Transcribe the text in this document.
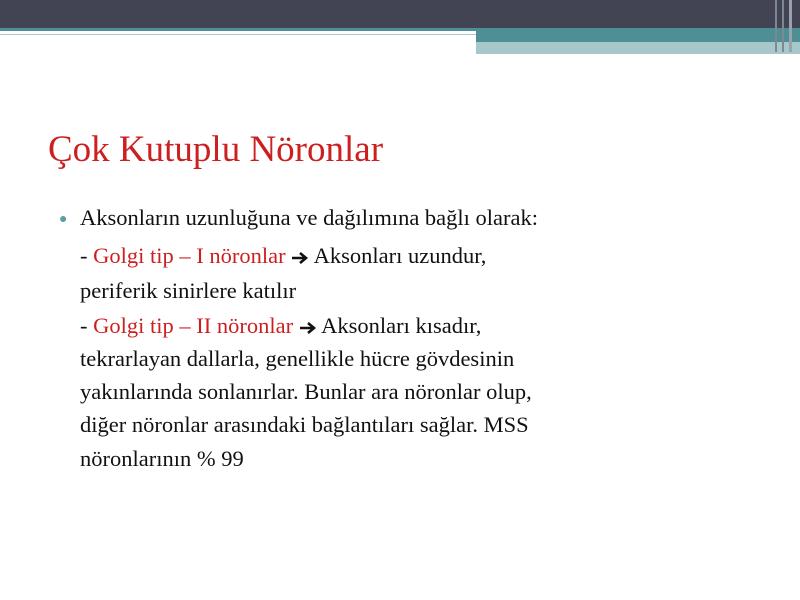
Çok Kutuplu Nöronlar
● Aksonların uzunluğuna ve dağılımına bağlı olarak:
- Golgi tip – I nöronlar  Aksonları uzundur,
periferik sinirlere katılır
- Golgi tip – II nöronlar  Aksonları kısadır,
tekrarlayan dallarla, genellikle hücre gövdesinin
yakınlarında sonlanırlar. Bunlar ara nöronlar olup,
diğer nöronlar arasındaki bağlantıları sağlar. MSS
nöronlarının % 99
